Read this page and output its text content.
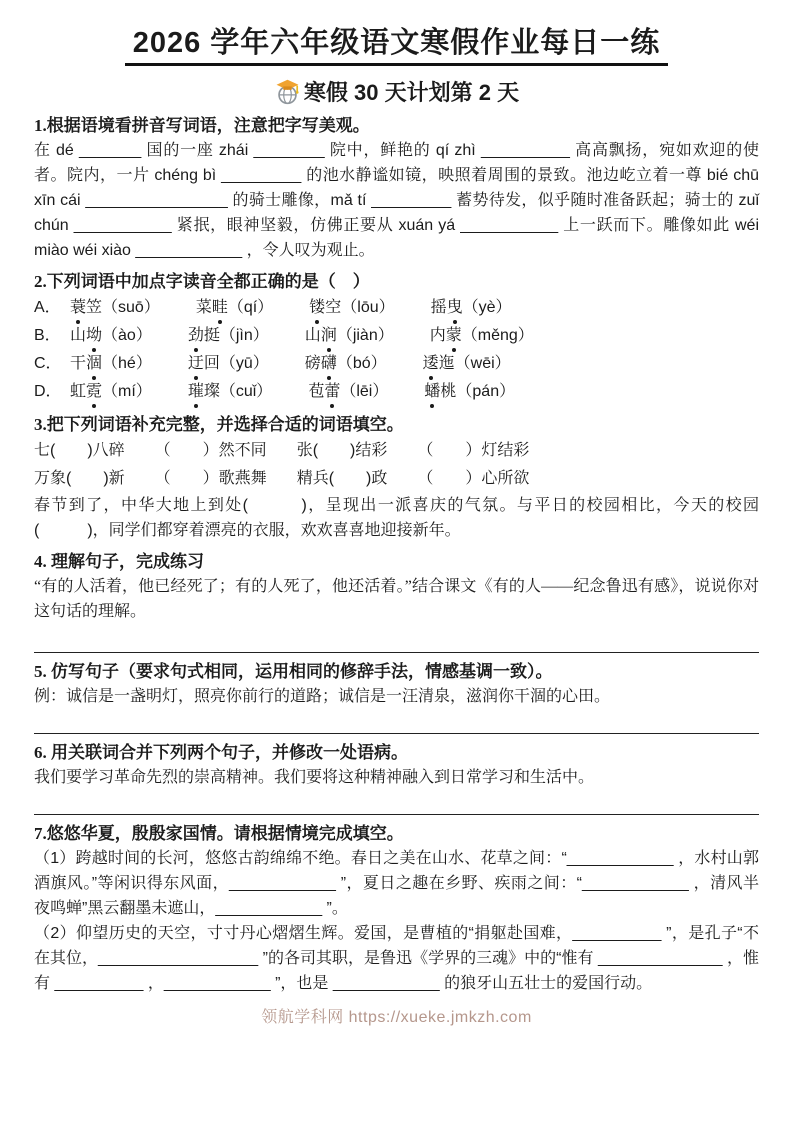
2026 学年六年级语文寒假作业每日一练
寒假 30 天计划第 2 天
1.根据语境看拼音写词语，注意把字写美观。
在 dé _______ 国的一座 zhái ________ 院中，鲜艳的 qí zhì __________ 高高飘扬，宛如欢迎的使者。院内，一片 chéng bì _________ 的池水静谧如镜，映照着周围的景致。池边屹立着一尊 bié chū xīn cái ________________ 的骑士雕像，mǎ tí _________ 蓄势待发，似乎随时准备跃起；骑士的 zuǐ chún ___________ 紧抿，眼神坚毅，仿佛正要从 xuán yá ___________ 上一跃而下。雕像如此 wéi miào wéi xiào ____________ ，令人叹为观止。
2.下列词语中加点字读音全都正确的是（　）
A． 蓑笠（suō） 菜畦（qí） 镂空（lōu） 摇曳（yè）
B． 山坳（ào） 劲挺（jìn） 山涧（jiàn） 内蒙（měng）
C． 干涸（hé） 迂回（yū） 磅礴（bó） 逶迤（wēi）
D． 虹霓（mí） 璀璨（cuǐ） 苞蕾（lēi） 蟠桃（pán）
3.把下列词语补充完整，并选择合适的词语填空。
七(　　)八碎 （　　）然不同 张(　　)结彩 （　　）灯结彩
万象(　　)新 （　　）歌燕舞 精兵(　　)政 （　　）心所欲
春节到了，中华大地上到处(　　　)，呈现出一派喜庆的气氛。与平日的校园相比，今天的校园(　　　)，同学们都穿着漂亮的衣服，欢欢喜喜地迎接新年。
4. 理解句子，完成练习
“有的人活着，他已经死了；有的人死了，他还活着。”结合课文《有的人——纪念鲁迅有感》，说说你对这句话的理解。
5. 仿写句子（要求句式相同，运用相同的修辞手法，情感基调一致）。
例：诚信是一盏明灯，照亮你前行的道路；诚信是一汪清泉，滋润你干涸的心田。
6. 用关联词合并下列两个句子，并修改一处语病。
我们要学习革命先烈的崇高精神。我们要将这种精神融入到日常学习和生活中。
7.悠悠华夏，殷殷家国情。请根据情境完成填空。
（1）跨越时间的长河，悠悠古韵绵绵不绝。春日之美在山水、花草之间：“____________ ，水村山郭酒旗风。”等闲识得东风面，____________ ”，夏日之趣在乡野、疾雨之间：“____________ ，清风半夜鸣蝉”黑云翻墨未遮山，____________ ”。
（2）仰望历史的天空，寸寸丹心熠熠生辉。爱国，是曹植的“捐躯赴国难，__________ ”，是孔子“不在其位，__________________ ”的各司其职，是鲁迅《学界的三魂》中的“惟有 ______________ ，惟有 __________ ，____________ ”，也是 ____________ 的狼牙山五壮士的爱国行动。
领航学科网 https://xueke.jmkzh.com
